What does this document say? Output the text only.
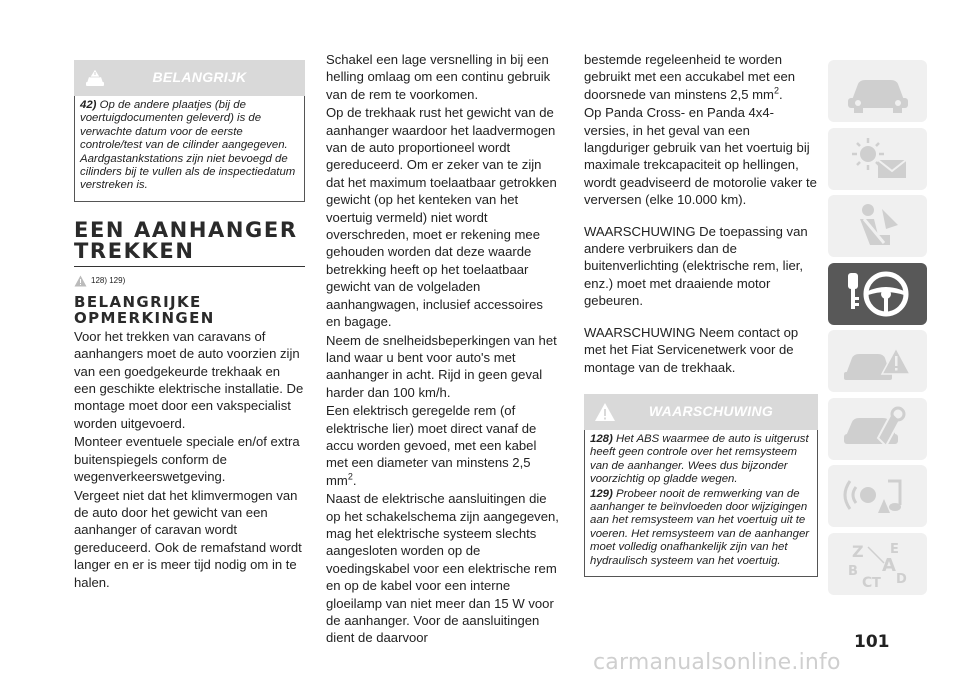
BELANGRIJK

42) Op de andere plaatjes (bij de voertuigdocumenten geleverd) is de verwachte datum voor de eerste controle/test van de cilinder aangegeven. Aardgastankstations zijn niet bevoegd de cilinders bij te vullen als de inspectiedatum verstreken is.

EEN AANHANGER
TREKKEN
128) 129)
BELANGRIJKE
OPMERKINGEN

Voor het trekken van caravans of aanhangers moet de auto voorzien zijn van een goedgekeurde trekhaak en een geschikte elektrische installatie. De montage moet door een vakspecialist worden uitgevoerd.

Monteer eventuele speciale en/of extra buitenspiegels conform de wegenverkeerswetgeving.

Vergeet niet dat het klimvermogen van de auto door het gewicht van een aanhanger of caravan wordt gereduceerd. Ook de remafstand wordt langer en er is meer tijd nodig om in te halen.

Schakel een lage versnelling in bij een helling omlaag om een continu gebruik van de rem te voorkomen.

Op de trekhaak rust het gewicht van de aanhanger waardoor het laadvermogen van de auto proportioneel wordt gereduceerd. Om er zeker van te zijn dat het maximum toelaatbaar getrokken gewicht (op het kenteken van het voertuig vermeld) niet wordt overschreden, moet er rekening mee gehouden worden dat deze waarde betrekking heeft op het toelaatbaar gewicht van de volgeladen aanhangwagen, inclusief accessoires en bagage.

Neem de snelheidsbeperkingen van het land waar u bent voor auto's met aanhanger in acht. Rijd in geen geval harder dan 100 km/h.

Een elektrisch geregelde rem (of elektrische lier) moet direct vanaf de accu worden gevoed, met een kabel met een diameter van minstens 2,5 $mm^2$.

Naast de elektrische aansluitingen die op het schakelschema zijn aangegeven, mag het elektrische systeem slechts aangesloten worden op de voedingskabel voor een elektrische rem en op de kabel voor een interne gloeilamp van niet meer dan 15 W voor de aanhanger. Voor de aansluitingen dient de daarvoor

bestemde regeleenheid te worden gebruikt met een accukabel met een doorsnede van minstens 2,5 $mm^2$.

Op Panda Cross- en Panda 4x4-versies, in het geval van een langduriger gebruik van het voertuig bij maximale trekcapaciteit op hellingen, wordt geadviseerd de motorolie vaker te verversen (elke 10.000 km).

WAARSCHUWING De toepassing van andere verbruikers dan de buitenverlichting (elektrische rem, lier, enz.) moet met draaiende motor gebeuren.

WAARSCHUWING Neem contact op met het Fiat Servicenetwerk voor de montage van de trekhaak.

WAARSCHUWING

128) Het ABS waarmee de auto is uitgerust heeft geen controle over het remsysteem van de aanhanger. Wees dus bijzonder voorzichtig op gladde wegen.

129) Probeer nooit de remwerking van de aanhanger te beïnvloeden door wijzigingen aan het remsysteem van het voertuig uit te voeren. Het remsysteem van de aanhanger moet volledig onafhankelijk zijn van het hydraulisch systeem van het voertuig.

Z E
B A
C T D
101
carmanualsonline.info
